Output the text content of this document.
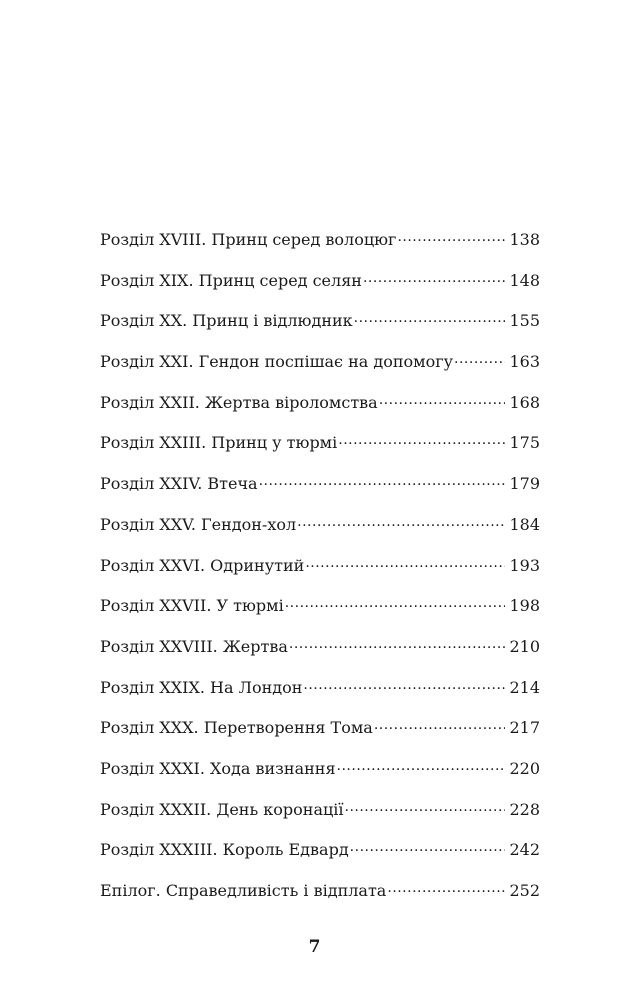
Розділ XVIII. Принц серед волоцюг .....	138
Розділ XIX. Принц серед селян .....	148
Розділ XX. Принц і відлюдник .....	155
Розділ XXI. Гендон поспішає на допомогу .....	163
Розділ XXII. Жертва віроломства .....	168
Розділ XXIII. Принц у тюрмі .....	175
Розділ XXIV. Втеча .....	179
Розділ XXV. Гендон-хол .....	184
Розділ XXVI. Одринутий .....	193
Розділ XXVII. У тюрмі .....	198
Розділ XXVIII. Жертва .....	210
Розділ XXIX. На Лондон .....	214
Розділ XXX. Перетворення Тома .....	217
Розділ XXXI. Хода визнання .....	220
Розділ XXXII. День коронації .....	228
Розділ XXXIII. Король Едвард .....	242
Епілог. Справедливість і відплата .....	252
7
